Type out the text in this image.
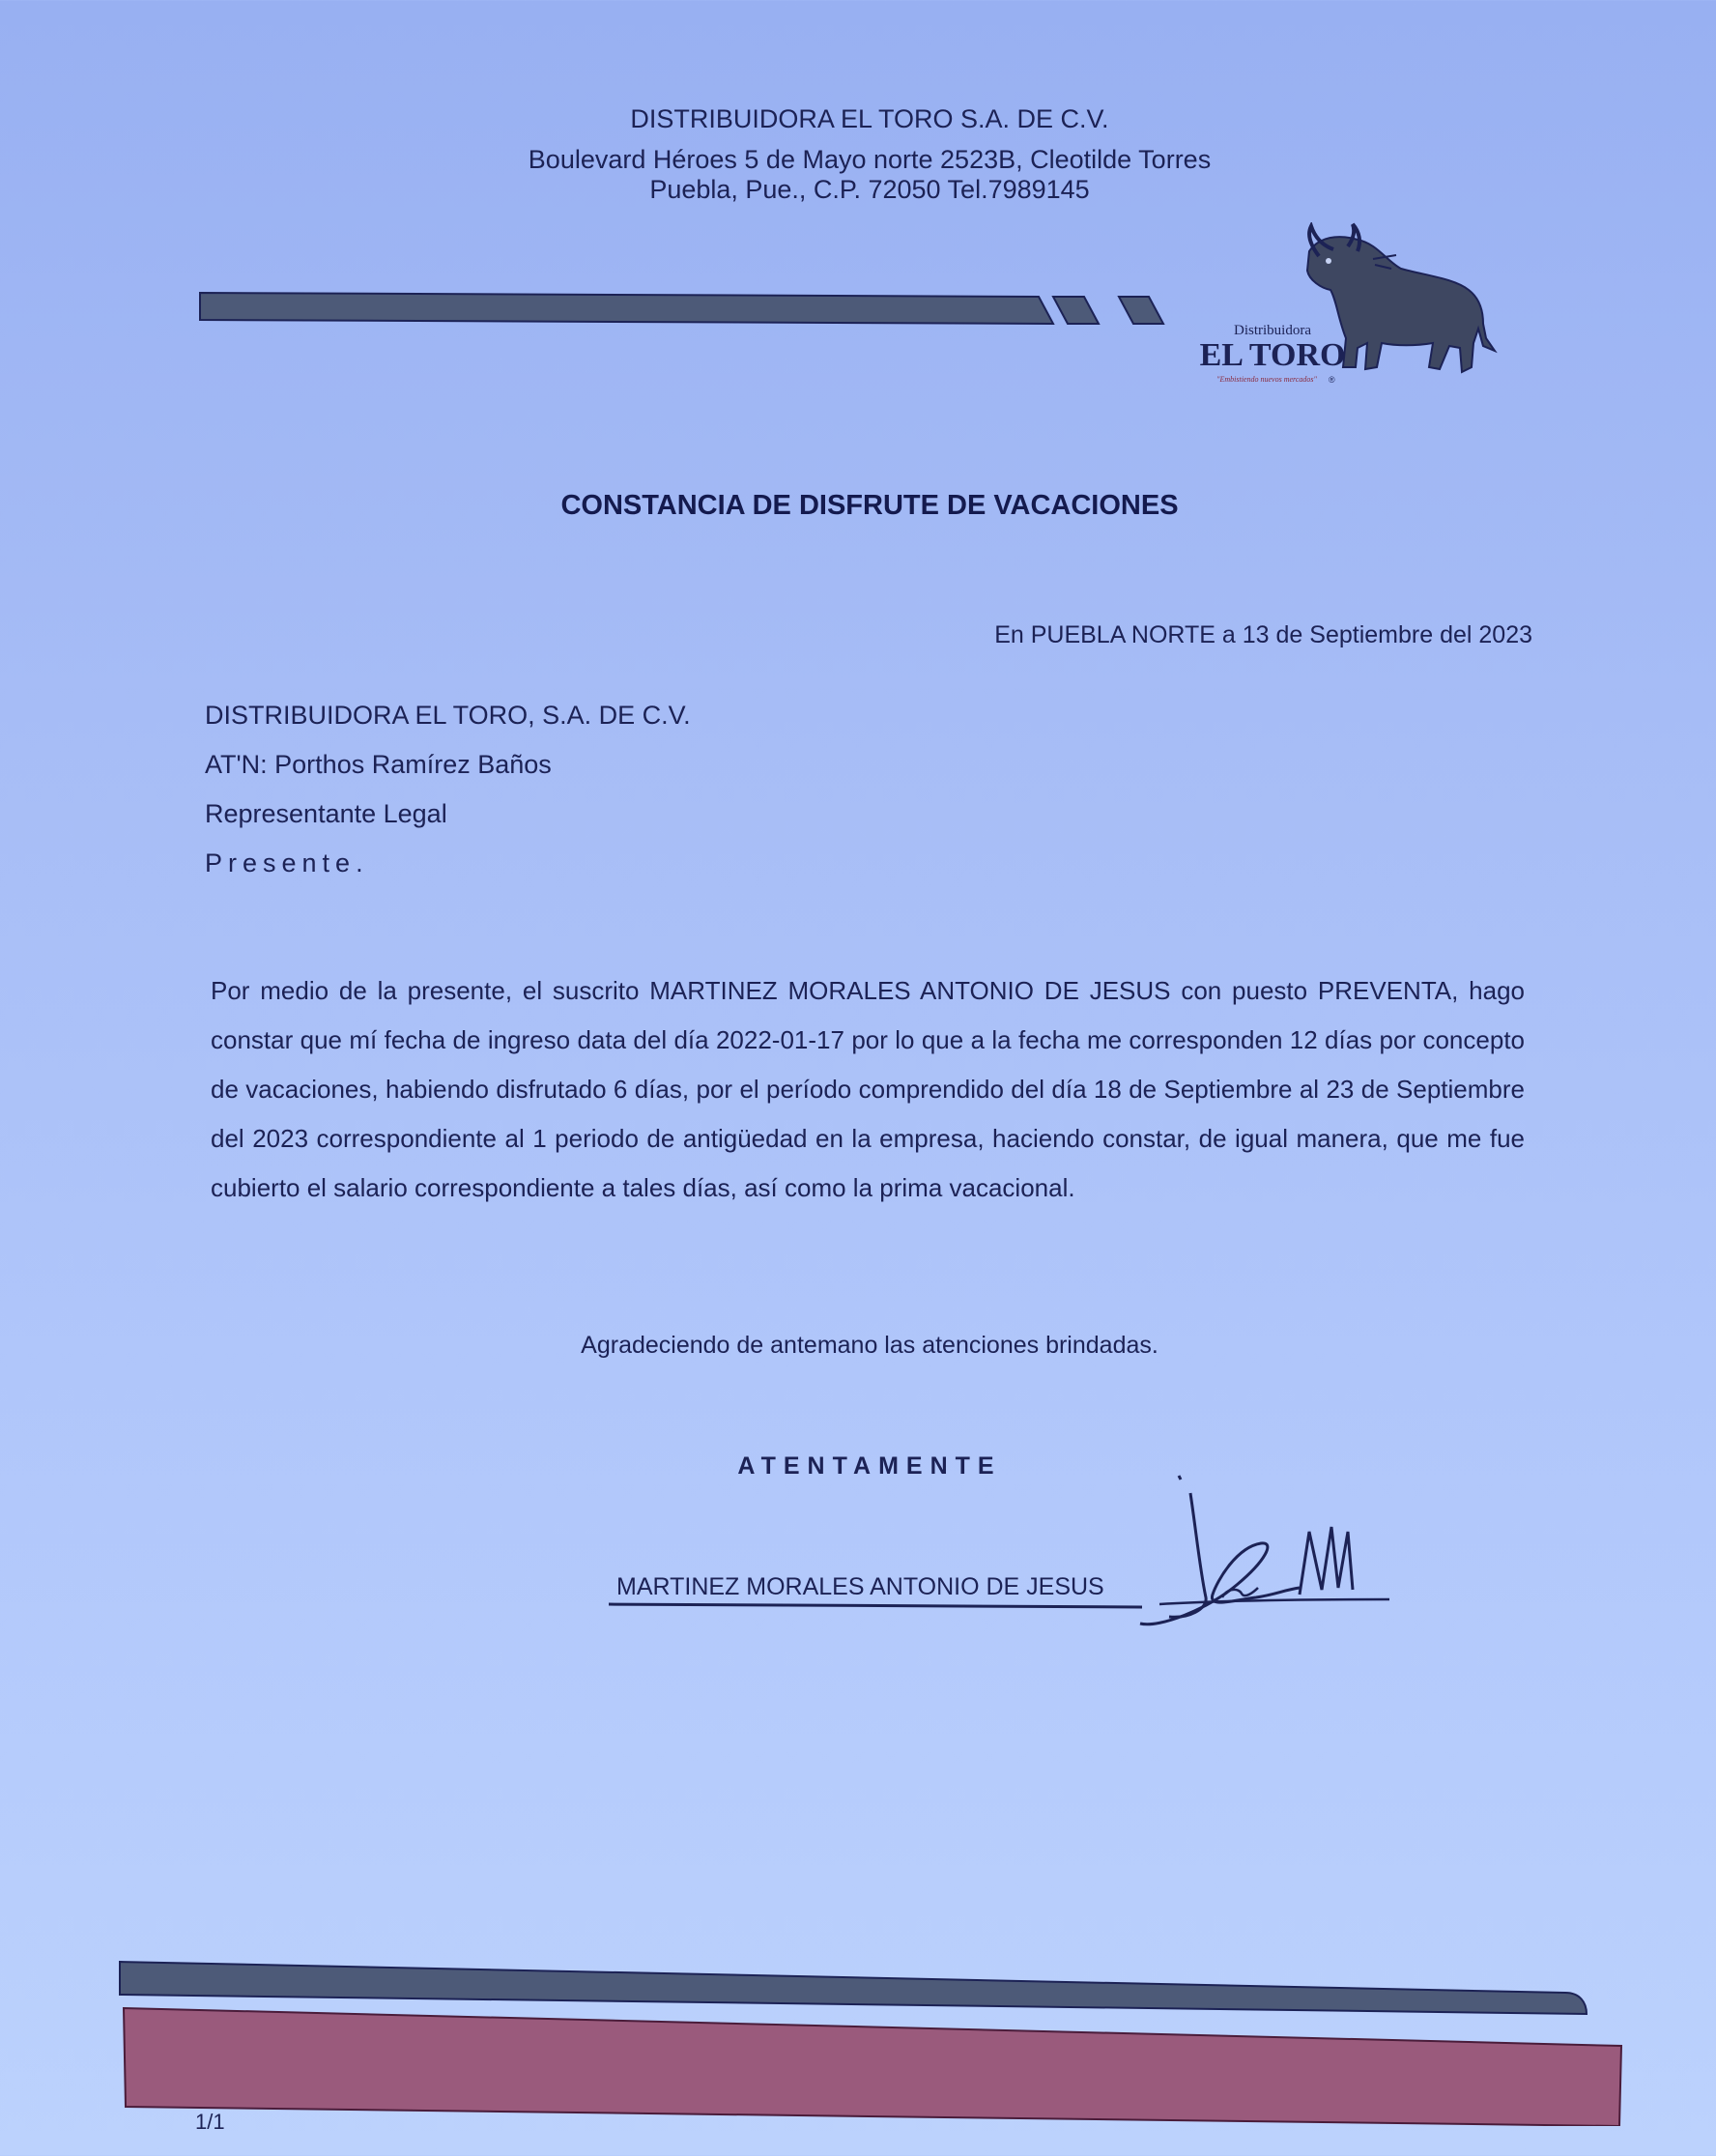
DISTRIBUIDORA EL TORO S.A. DE C.V.
Boulevard Héroes 5 de Mayo norte 2523B, Cleotilde Torres
Puebla, Pue., C.P. 72050 Tel.7989145
Distribuidora
EL TORO
"Embistiendo nuevos mercados" ®
CONSTANCIA DE DISFRUTE DE VACACIONES
En PUEBLA NORTE a 13 de Septiembre del 2023
DISTRIBUIDORA EL TORO, S.A. DE C.V.
AT'N: Porthos Ramírez Baños
Representante Legal
Presente.
Por medio de la presente, el suscrito MARTINEZ MORALES ANTONIO DE JESUS con puesto PREVENTA, hago constar que mí fecha de ingreso data del día 2022-01-17 por lo que a la fecha me corresponden 12 días por concepto de vacaciones, habiendo disfrutado 6 días, por el período comprendido del día 18 de Septiembre al 23 de Septiembre del 2023 correspondiente al 1 periodo de antigüedad en la empresa, haciendo constar, de igual manera, que me fue cubierto el salario correspondiente a tales días, así como la prima vacacional.
Agradeciendo de antemano las atenciones brindadas.
ATENTAMENTE
MARTINEZ MORALES ANTONIO DE JESUS
JesusMN
1/1
